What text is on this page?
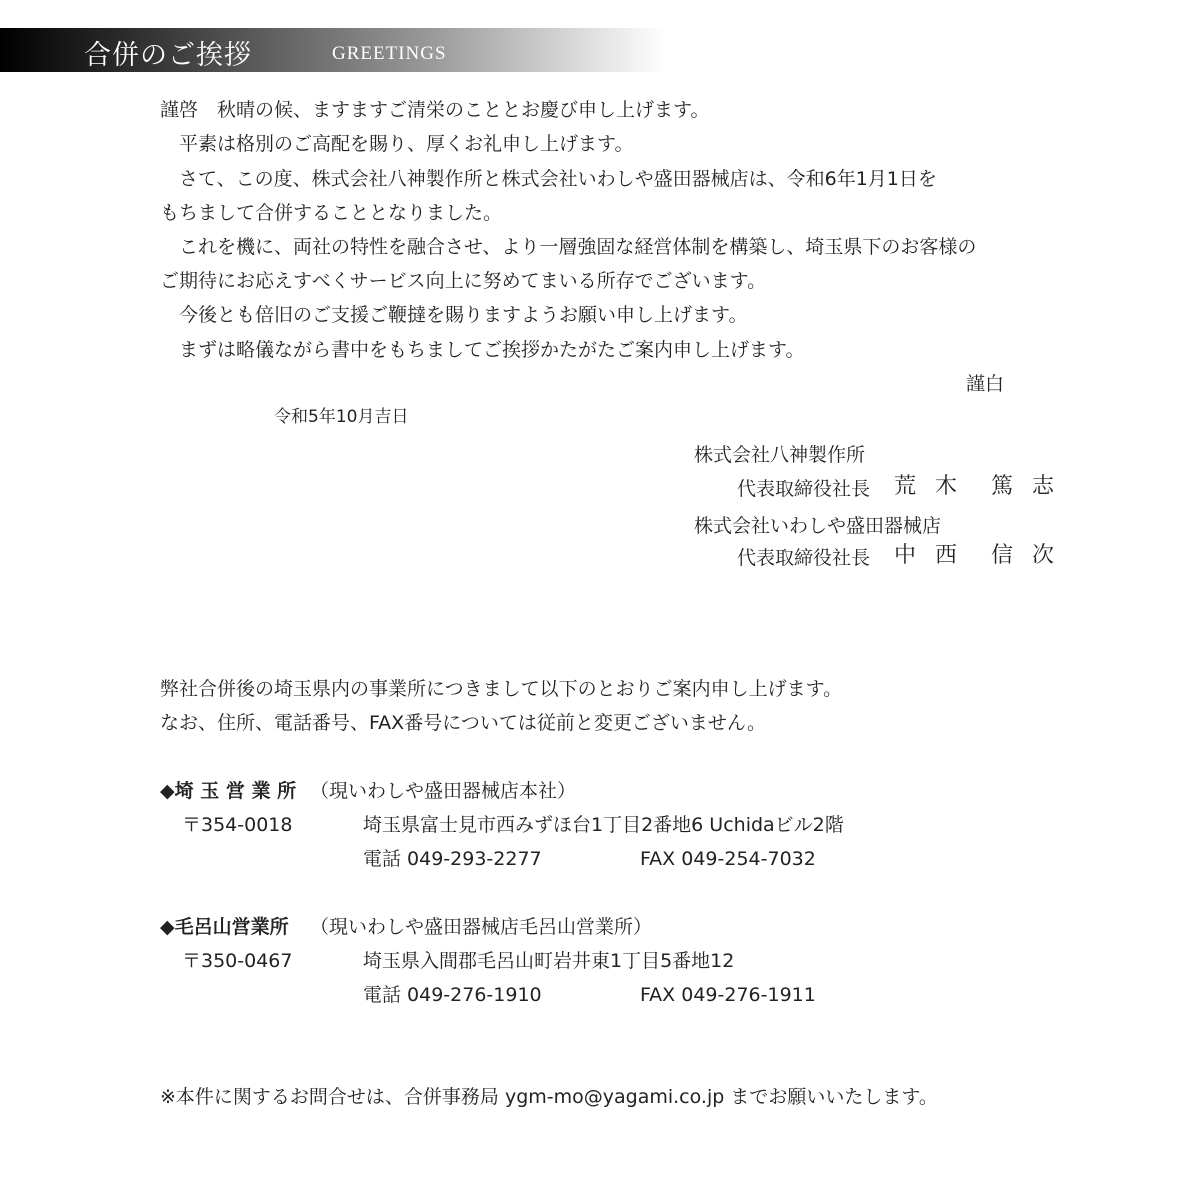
合併のご挨拶	GREETINGS
謹啓　秋晴の候、ますますご清栄のこととお慶び申し上げます。
　平素は格別のご高配を賜り、厚くお礼申し上げます。
　さて、この度、株式会社八神製作所と株式会社いわしや盛田器械店は、令和6年1月1日を
もちまして合併することとなりました。
　これを機に、両社の特性を融合させ、より一層強固な経営体制を構築し、埼玉県下のお客様の
ご期待にお応えすべくサービス向上に努めてまいる所存でございます。
　今後とも倍旧のご支援ご鞭撻を賜りますようお願い申し上げます。
　まずは略儀ながら書中をもちましてご挨拶かたがたご案内申し上げます。
謹白
令和5年10月吉日
株式会社八神製作所
代表取締役社長 荒 木　篤 志
株式会社いわしや盛田器械店
代表取締役社長 中 西　信 次
弊社合併後の埼玉県内の事業所につきまして以下のとおりご案内申し上げます。
なお、住所、電話番号、FAX番号については従前と変更ございません。
◆埼 玉 営 業 所 （現いわしや盛田器械店本社）
〒354-0018	埼玉県富士見市西みずほ台1丁目2番地6 Uchidaビル2階
電話 049-293-2277	FAX 049-254-7032
◆毛呂山営業所 （現いわしや盛田器械店毛呂山営業所）
〒350-0467	埼玉県入間郡毛呂山町岩井東1丁目5番地12
電話 049-276-1910	FAX 049-276-1911
※本件に関するお問合せは、合併事務局 ygm-mo@yagami.co.jp までお願いいたします。
